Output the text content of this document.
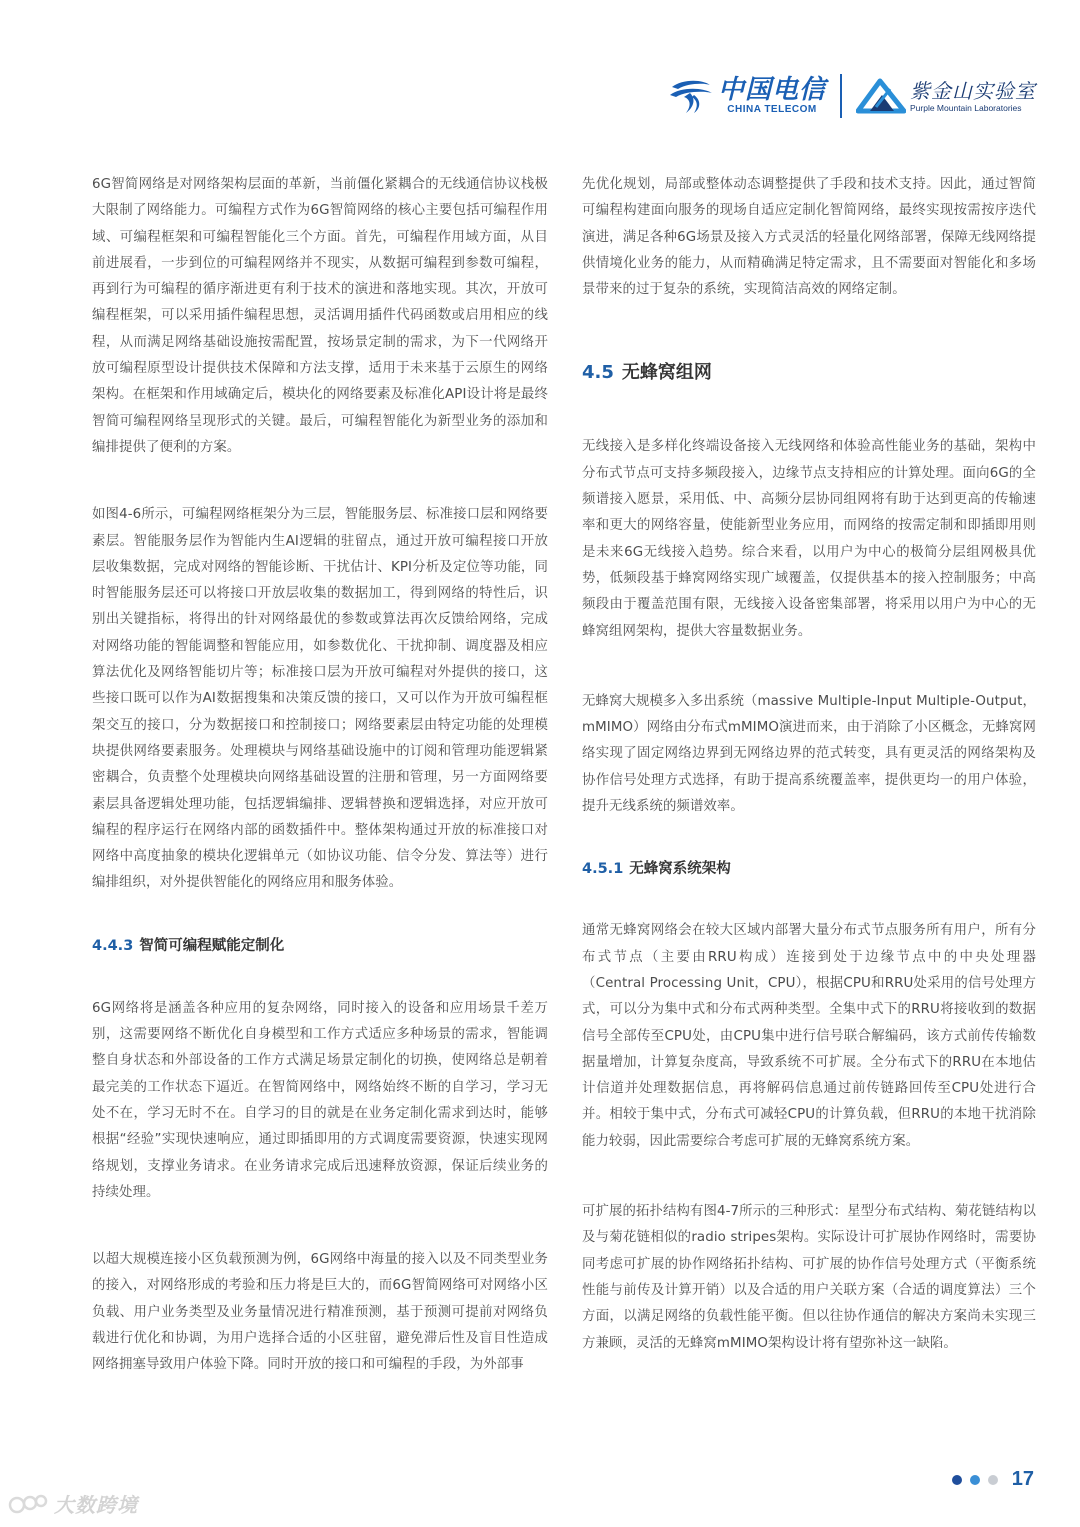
中国电信
CHINA TELECOM
紫金山实验室
Purple Mountain Laboratories

6G智简网络是对网络架构层面的革新，当前僵化紧耦合的无线通信协议栈极大限制了网络能力。可编程方式作为6G智简网络的核心主要包括可编程作用域、可编程框架和可编程智能化三个方面。首先，可编程作用域方面，从目前进展看，一步到位的可编程网络并不现实，从数据可编程到参数可编程，再到行为可编程的循序渐进更有利于技术的演进和落地实现。其次，开放可编程框架，可以采用插件编程思想，灵活调用插件代码函数或启用相应的线程，从而满足网络基础设施按需配置，按场景定制的需求，为下一代网络开放可编程原型设计提供技术保障和方法支撑，适用于未来基于云原生的网络架构。在框架和作用域确定后，模块化的网络要素及标准化API设计将是最终智简可编程网络呈现形式的关键。最后，可编程智能化为新型业务的添加和编排提供了便利的方案。

如图4-6所示，可编程网络框架分为三层，智能服务层、标准接口层和网络要素层。智能服务层作为智能内生AI逻辑的驻留点，通过开放可编程接口开放层收集数据，完成对网络的智能诊断、干扰估计、KPI分析及定位等功能，同时智能服务层还可以将接口开放层收集的数据加工，得到网络的特性后，识别出关键指标，将得出的针对网络最优的参数或算法再次反馈给网络，完成对网络功能的智能调整和智能应用，如参数优化、干扰抑制、调度器及相应算法优化及网络智能切片等；标准接口层为开放可编程对外提供的接口，这些接口既可以作为AI数据搜集和决策反馈的接口，又可以作为开放可编程框架交互的接口，分为数据接口和控制接口；网络要素层由特定功能的处理模块提供网络要素服务。处理模块与网络基础设施中的订阅和管理功能逻辑紧密耦合，负责整个处理模块向网络基础设置的注册和管理，另一方面网络要素层具备逻辑处理功能，包括逻辑编排、逻辑替换和逻辑选择，对应开放可编程的程序运行在网络内部的函数插件中。整体架构通过开放的标准接口对网络中高度抽象的模块化逻辑单元（如协议功能、信令分发、算法等）进行编排组织，对外提供智能化的网络应用和服务体验。

4.4.3 智简可编程赋能定制化

6G网络将是涵盖各种应用的复杂网络，同时接入的设备和应用场景千差万别，这需要网络不断优化自身模型和工作方式适应多种场景的需求，智能调整自身状态和外部设备的工作方式满足场景定制化的切换，使网络总是朝着最完美的工作状态下逼近。在智简网络中，网络始终不断的自学习，学习无处不在，学习无时不在。自学习的目的就是在业务定制化需求到达时，能够根据“经验”实现快速响应，通过即插即用的方式调度需要资源，快速实现网络规划，支撑业务请求。在业务请求完成后迅速释放资源，保证后续业务的持续处理。

以超大规模连接小区负载预测为例，6G网络中海量的接入以及不同类型业务的接入，对网络形成的考验和压力将是巨大的，而6G智简网络可对网络小区负载、用户业务类型及业务量情况进行精准预测，基于预测可提前对网络负载进行优化和协调，为用户选择合适的小区驻留，避免滞后性及盲目性造成网络拥塞导致用户体验下降。同时开放的接口和可编程的手段，为外部事

先优化规划，局部或整体动态调整提供了手段和技术支持。因此，通过智简可编程构建面向服务的现场自适应定制化智简网络，最终实现按需按序迭代演进，满足各种6G场景及接入方式灵活的轻量化网络部署，保障无线网络提供情境化业务的能力，从而精确满足特定需求，且不需要面对智能化和多场景带来的过于复杂的系统，实现简洁高效的网络定制。

4.5 无蜂窝组网

无线接入是多样化终端设备接入无线网络和体验高性能业务的基础，架构中分布式节点可支持多频段接入，边缘节点支持相应的计算处理。面向6G的全频谱接入愿景，采用低、中、高频分层协同组网将有助于达到更高的传输速率和更大的网络容量，使能新型业务应用，而网络的按需定制和即插即用则是未来6G无线接入趋势。综合来看，以用户为中心的极简分层组网极具优势，低频段基于蜂窝网络实现广域覆盖，仅提供基本的接入控制服务；中高频段由于覆盖范围有限，无线接入设备密集部署，将采用以用户为中心的无蜂窝组网架构，提供大容量数据业务。

无蜂窝大规模多入多出系统（massive Multiple-Input Multiple-Output，mMIMO）网络由分布式mMIMO演进而来，由于消除了小区概念，无蜂窝网络实现了固定网络边界到无网络边界的范式转变，具有更灵活的网络架构及协作信号处理方式选择，有助于提高系统覆盖率，提供更均一的用户体验，提升无线系统的频谱效率。

4.5.1 无蜂窝系统架构

通常无蜂窝网络会在较大区域内部署大量分布式节点服务所有用户，所有分布式节点（主要由RRU构成）连接到处于边缘节点中的中央处理器（Central Processing Unit，CPU），根据CPU和RRU处采用的信号处理方式，可以分为集中式和分布式两种类型。全集中式下的RRU将接收到的数据信号全部传至CPU处，由CPU集中进行信号联合解编码，该方式前传传输数据量增加，计算复杂度高，导致系统不可扩展。全分布式下的RRU在本地估计信道并处理数据信息，再将解码信息通过前传链路回传至CPU处进行合并。相较于集中式，分布式可减轻CPU的计算负载，但RRU的本地干扰消除能力较弱，因此需要综合考虑可扩展的无蜂窝系统方案。

可扩展的拓扑结构有图4-7所示的三种形式：星型分布式结构、菊花链结构以及与菊花链相似的radio stripes架构。实际设计可扩展协作网络时，需要协同考虑可扩展的协作网络拓扑结构、可扩展的协作信号处理方式（平衡系统性能与前传及计算开销）以及合适的用户关联方案（合适的调度算法）三个方面，以满足网络的负载性能平衡。但以往协作通信的解决方案尚未实现三方兼顾，灵活的无蜂窝mMIMO架构设计将有望弥补这一缺陷。

17
大数跨境
